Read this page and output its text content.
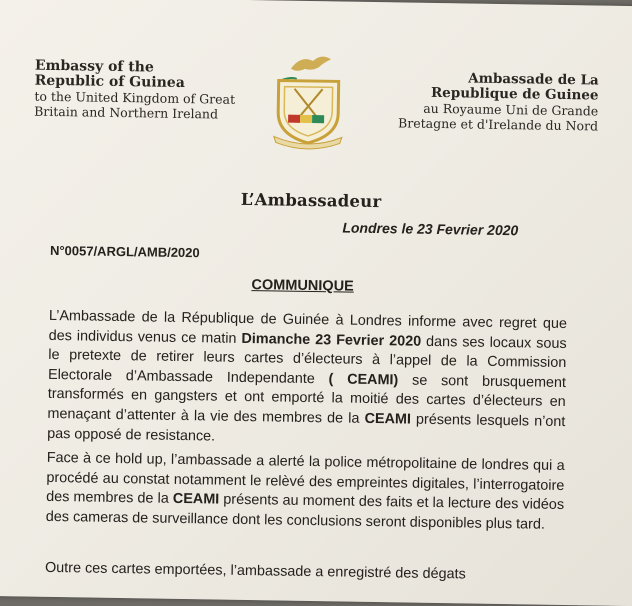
Embassy of the
Republic of Guinea
to the United Kingdom of Great
Britain and Northern Ireland
Ambassade de La
Republique de Guinee
au Royaume Uni de Grande
Bretagne et d'Irelande du Nord
L’Ambassadeur
Londres le 23 Fevrier 2020
N°0057/ARGL/AMB/2020
COMMUNIQUE
L’Ambassade de la République de Guinée à Londres informe avec regret que des individus venus ce matin Dimanche 23 Fevrier 2020 dans ses locaux sous le pretexte de retirer leurs cartes d’électeurs à l’appel de la Commission Electorale d’Ambassade Independante ( CEAMI) se sont brusquement transformés en gangsters et ont emporté la moitié des cartes d’électeurs en menaçant d’attenter à la vie des membres de la CEAMI présents lesquels n’ont pas opposé de resistance.
Face à ce hold up, l’ambassade a alerté la police métropolitaine de londres qui a procédé au constat notamment le relèvé des empreintes digitales, l’interrogatoire des membres de la CEAMI présents au moment des faits et la lecture des vidéos des cameras de surveillance dont les conclusions seront disponibles plus tard.
Outre ces cartes emportées, l’ambassade a enregistré des dégats
